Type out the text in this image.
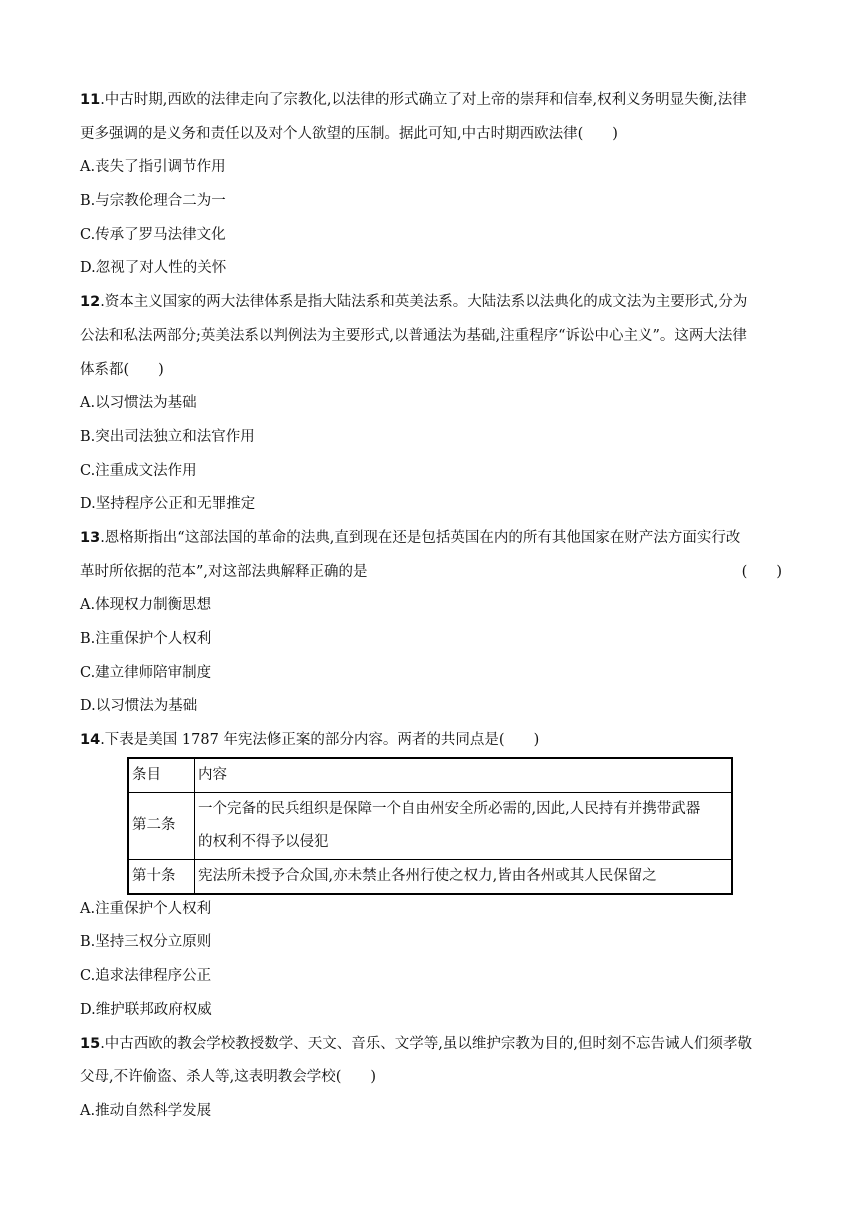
11.中古时期,西欧的法律走向了宗教化,以法律的形式确立了对上帝的崇拜和信奉,权利义务明显失衡,法律
更多强调的是义务和责任以及对个人欲望的压制。据此可知,中古时期西欧法律(　　)
A.丧失了指引调节作用
B.与宗教伦理合二为一
C.传承了罗马法律文化
D.忽视了对人性的关怀
12.资本主义国家的两大法律体系是指大陆法系和英美法系。大陆法系以法典化的成文法为主要形式,分为
公法和私法两部分;英美法系以判例法为主要形式,以普通法为基础,注重程序“诉讼中心主义”。这两大法律
体系都(　　)
A.以习惯法为基础
B.突出司法独立和法官作用
C.注重成文法作用
D.坚持程序公正和无罪推定
13.恩格斯指出“这部法国的革命的法典,直到现在还是包括英国在内的所有其他国家在财产法方面实行改
革时所依据的范本”,对这部法典解释正确的是	(　　)
A.体现权力制衡思想
B.注重保护个人权利
C.建立律师陪审制度
D.以习惯法为基础
14.下表是美国 1787 年宪法修正案的部分内容。两者的共同点是(　　)
条目	内容
第二条	一个完备的民兵组织是保障一个自由州安全所必需的,因此,人民持有并携带武器
的权利不得予以侵犯

第十条	宪法所未授予合众国,亦未禁止各州行使之权力,皆由各州或其人民保留之
A.注重保护个人权利
B.坚持三权分立原则
C.追求法律程序公正
D.维护联邦政府权威
15.中古西欧的教会学校教授数学、天文、音乐、文学等,虽以维护宗教为目的,但时刻不忘告诫人们须孝敬
父母,不许偷盗、杀人等,这表明教会学校(　　)
A.推动自然科学发展
